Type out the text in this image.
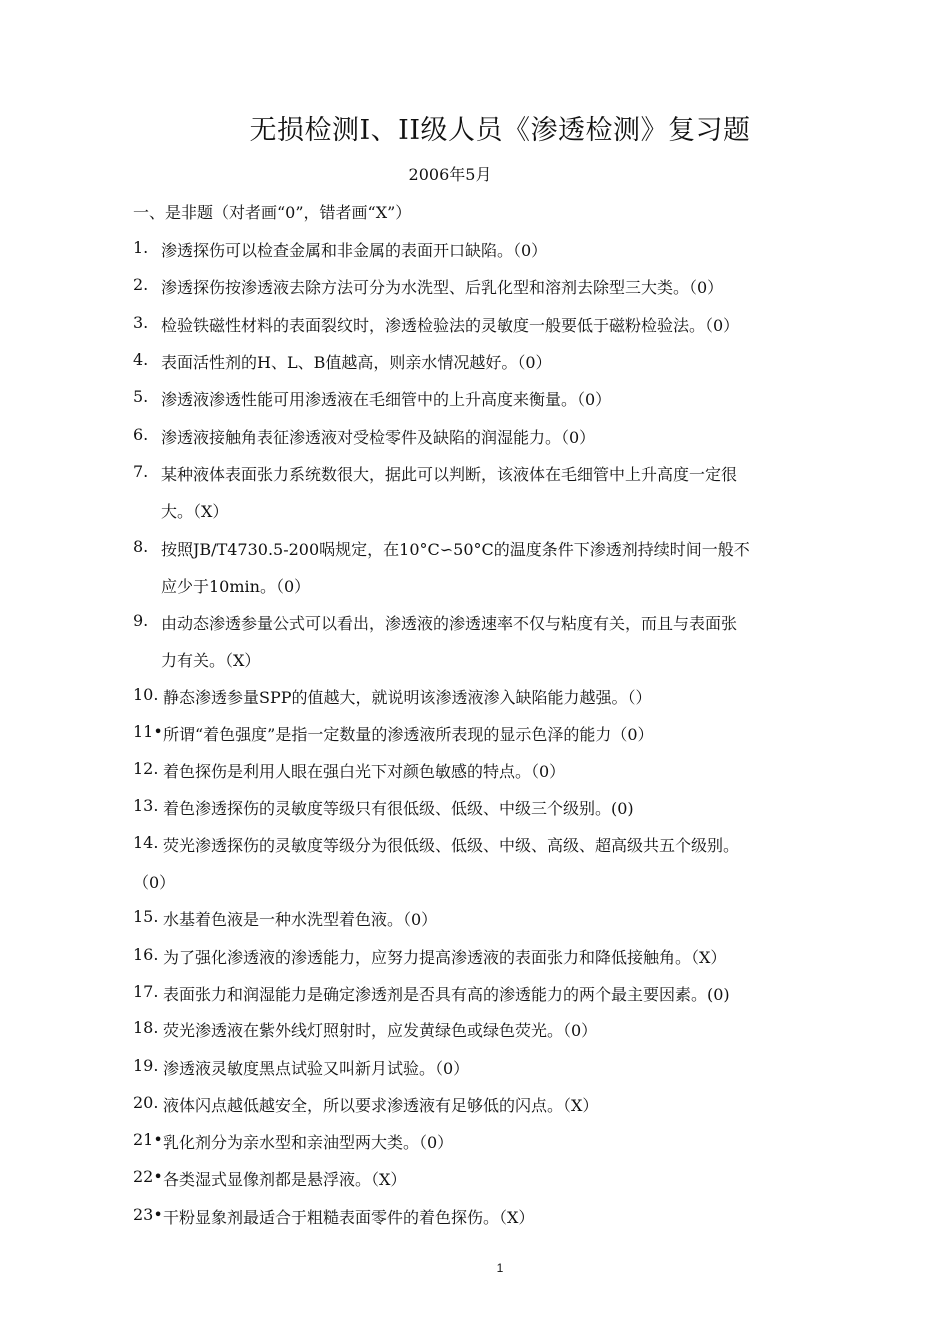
无损检测I、II级人员《渗透检测》复习题
2006年5月
一、是非题（对者画“0”，错者画“X”）
1. 渗透探伤可以检查金属和非金属的表面开口缺陷。（0）
2. 渗透探伤按渗透液去除方法可分为水洗型、后乳化型和溶剂去除型三大类。（0）
3. 检验铁磁性材料的表面裂纹时，渗透检验法的灵敏度一般要低于磁粉检验法。（0）
4. 表面活性剂的H、L、B值越高，则亲水情况越好。（0）
5. 渗透液渗透性能可用渗透液在毛细管中的上升高度来衡量。（0）
6. 渗透液接触角表征渗透液对受检零件及缺陷的润湿能力。（0）
7. 某种液体表面张力系统数很大，据此可以判断，该液体在毛细管中上升高度一定很
大。（X）
8. 按照JB/T4730.5-200㖞规定，在10°C∽50°C的温度条件下渗透剂持续时间一般不
应少于10min。（0）
9. 由动态渗透参量公式可以看出，渗透液的渗透速率不仅与粘度有关，而且与表面张
力有关。（X）
10. 静态渗透参量SPP的值越大，就说明该渗透液渗入缺陷能力越强。（）
11• 所谓“着色强度”是指一定数量的渗透液所表现的显示色泽的能力（0）
12. 着色探伤是利用人眼在强白光下对颜色敏感的特点。（0）
13. 着色渗透探伤的灵敏度等级只有很低级、低级、中级三个级别。(0)
14. 荧光渗透探伤的灵敏度等级分为很低级、低级、中级、高级、超高级共五个级别。
（0）
15. 水基着色液是一种水洗型着色液。（0）
16. 为了强化渗透液的渗透能力，应努力提高渗透液的表面张力和降低接触角。（X）
17. 表面张力和润湿能力是确定渗透剂是否具有高的渗透能力的两个最主要因素。(0)
18. 荧光渗透液在紫外线灯照射时，应发黄绿色或绿色荧光。（0）
19. 渗透液灵敏度黑点试验又叫新月试验。（0）
20. 液体闪点越低越安全，所以要求渗透液有足够低的闪点。（X）
21• 乳化剂分为亲水型和亲油型两大类。（0）
22• 各类湿式显像剂都是悬浮液。（X）
23• 干粉显象剂最适合于粗糙表面零件的着色探伤。（X）
1
